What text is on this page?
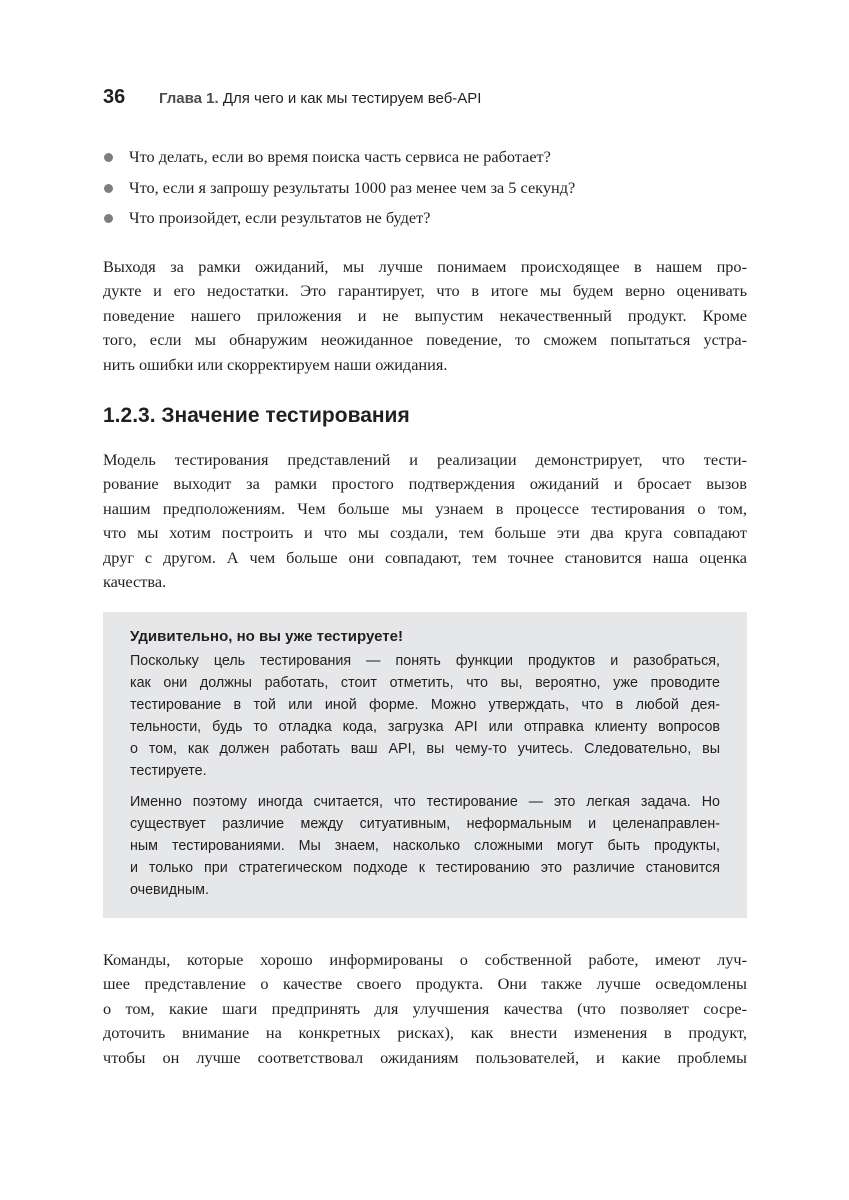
36 Глава 1. Для чего и как мы тестируем веб-API
Что делать, если во время поиска часть сервиса не работает?
Что, если я запрошу результаты 1000 раз менее чем за 5 секунд?
Что произойдет, если результатов не будет?

Выходя за рамки ожиданий, мы лучше понимаем происходящее в нашем про-
дукте и его недостатки. Это гарантирует, что в итоге мы будем верно оценивать
поведение нашего приложения и не выпустим некачественный продукт. Кроме
того, если мы обнаружим неожиданное поведение, то сможем попытаться устра-
нить ошибки или скорректируем наши ожидания.

1.2.3. Значение тестирования

Модель тестирования представлений и реализации демонстрирует, что тести-
рование выходит за рамки простого подтверждения ожиданий и бросает вызов
нашим предположениям. Чем больше мы узнаем в процессе тестирования о том,
что мы хотим построить и что мы создали, тем больше эти два круга совпадают
друг с другом. А чем больше они совпадают, тем точнее становится наша оценка
качества.

Удивительно, но вы уже тестируете!

Поскольку цель тестирования — понять функции продуктов и разобраться,
как они должны работать, стоит отметить, что вы, вероятно, уже проводите
тестирование в той или иной форме. Можно утверждать, что в любой дея-
тельности, будь то отладка кода, загрузка API или отправка клиенту вопросов
о том, как должен работать ваш API, вы чему-то учитесь. Следовательно, вы
тестируете.

Именно поэтому иногда считается, что тестирование — это легкая задача. Но
существует различие между ситуативным, неформальным и целенаправлен-
ным тестированиями. Мы знаем, насколько сложными могут быть продукты,
и только при стратегическом подходе к тестированию это различие становится
очевидным.

Команды, которые хорошо информированы о собственной работе, имеют луч-
шее представление о качестве своего продукта. Они также лучше осведомлены
о том, какие шаги предпринять для улучшения качества (что позволяет сосре-
доточить внимание на конкретных рисках), как внести изменения в продукт,
чтобы он лучше соответствовал ожиданиям пользователей, и какие проблемы
